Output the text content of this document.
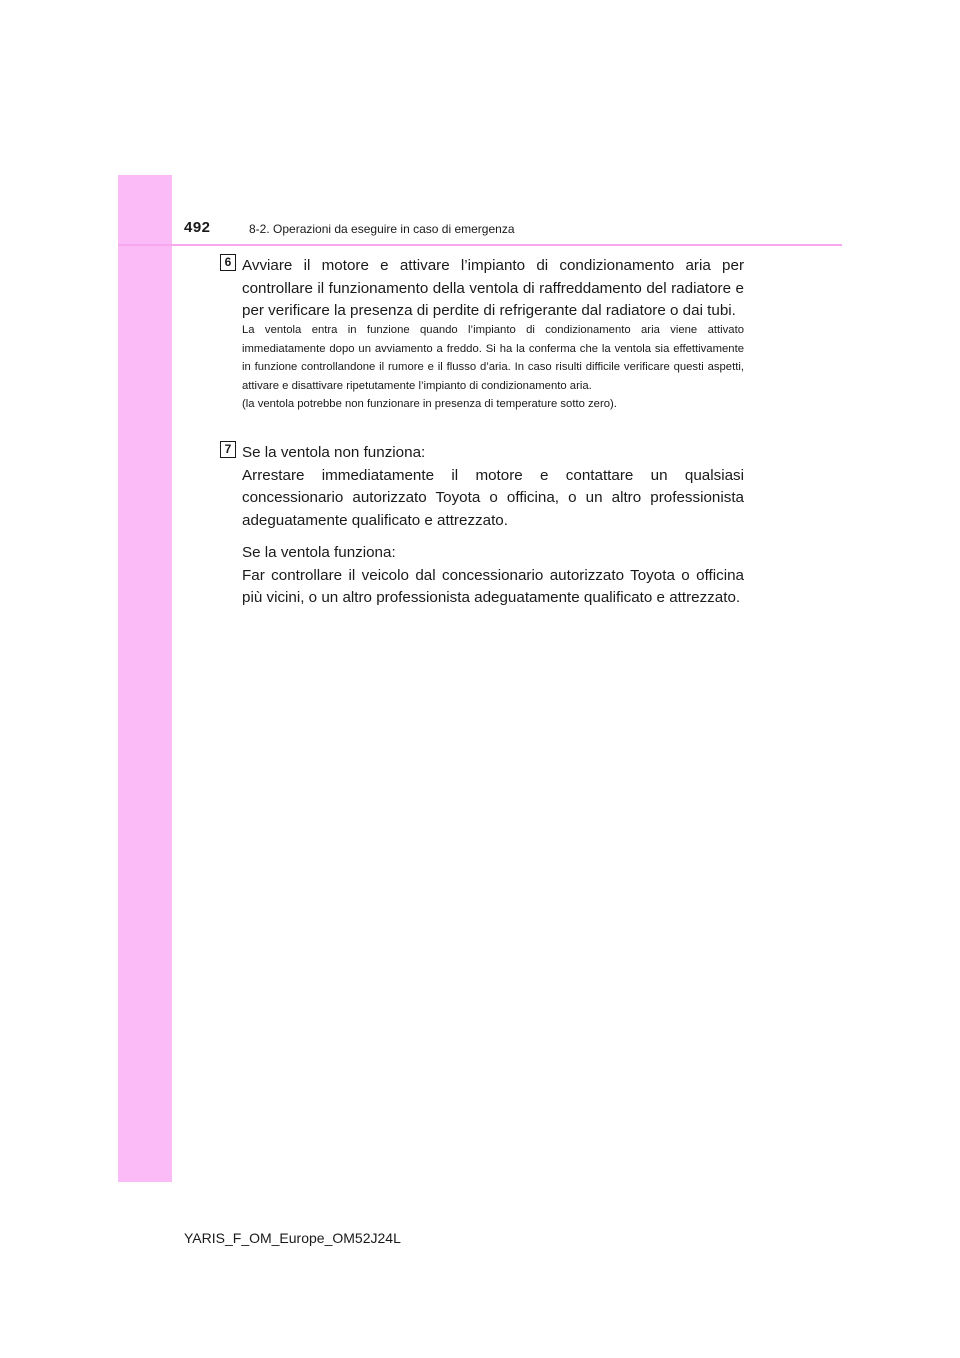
492	8-2. Operazioni da eseguire in caso di emergenza
6 Avviare il motore e attivare l’impianto di condizionamento aria per controllare il funzionamento della ventola di raffreddamento del radiatore e per verificare la presenza di perdite di refrigerante dal radiatore o dai tubi.
La ventola entra in funzione quando l’impianto di condizionamento aria viene attivato immediatamente dopo un avviamento a freddo. Si ha la conferma che la ventola sia effettivamente in funzione controllandone il rumore e il flusso d’aria. In caso risulti difficile verificare questi aspetti, attivare e disattivare ripetutamente l’impianto di condizionamento aria.
(la ventola potrebbe non funzionare in presenza di temperature sotto zero).
7 Se la ventola non funziona:
Arrestare immediatamente il motore e contattare un qualsiasi concessionario autorizzato Toyota o officina, o un altro professionista adeguatamente qualificato e attrezzato.
Se la ventola funziona:
Far controllare il veicolo dal concessionario autorizzato Toyota o officina più vicini, o un altro professionista adeguatamente qualificato e attrezzato.
YARIS_F_OM_Europe_OM52J24L
